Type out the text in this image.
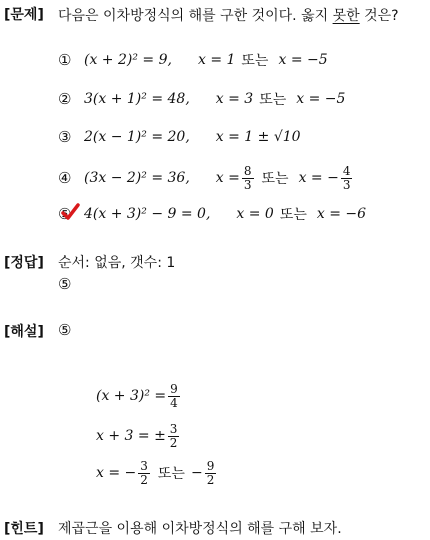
[문제] 다음은 이차방정식의 해를 구한 것이다. 옳지 못한 것은?
① (x + 2)² = 9, x = 1 또는 x = −5
② 3(x + 1)² = 48, x = 3 또는 x = −5
③ 2(x − 1)² = 20, x = 1 ± √10
④ (3x − 2)² = 36, $x = \frac{8}{3}$ 또는 x = − $\frac{4}{3}$
⑤ 4(x + 3)² − 9 = 0, x = 0 또는 x = −6
[정답] 순서: 없음, 갯수: 1
⑤
[해설] ⑤
$(x + 3)^2 = \frac{9}{4}$
x + 3 = ± $\frac{3}{2}$
x = − $\frac{3}{2}$ 또는 − $\frac{9}{2}$
[힌트] 제곱근을 이용해 이차방정식의 해를 구해 보자.
